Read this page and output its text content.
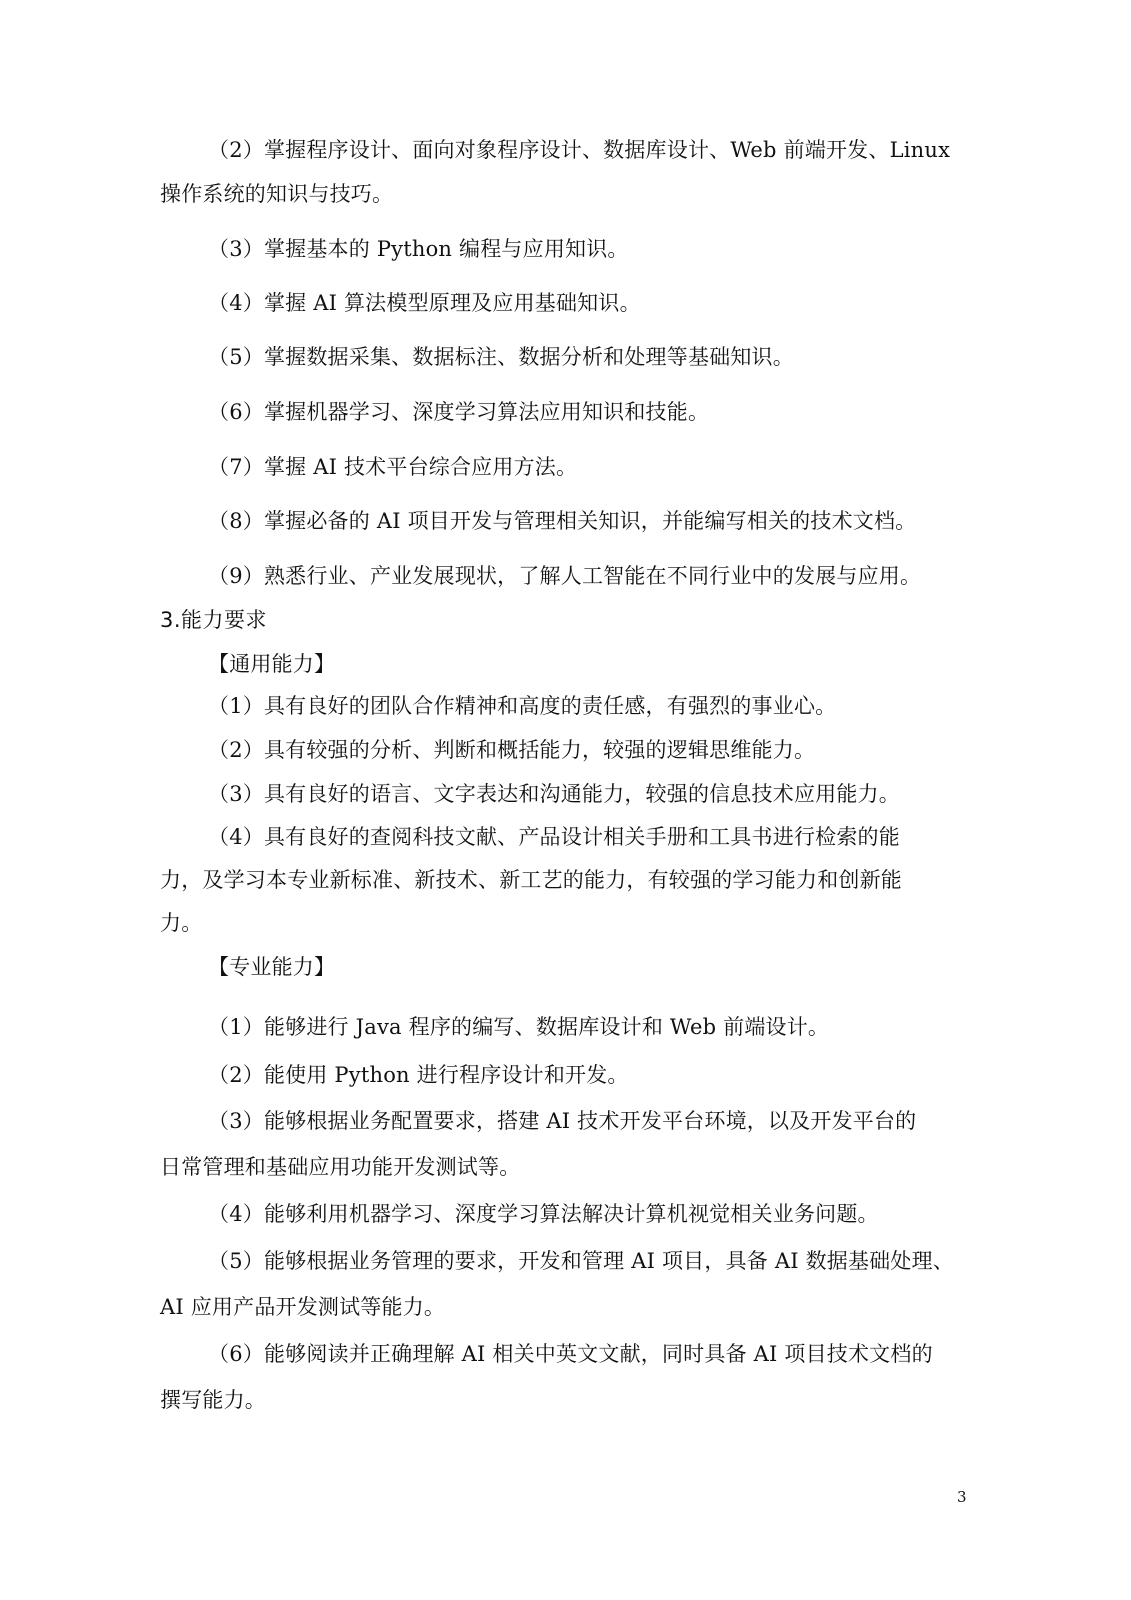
（2）掌握程序设计、面向对象程序设计、数据库设计、Web 前端开发、Linux
操作系统的知识与技巧。
（3）掌握基本的 Python 编程与应用知识。
（4）掌握 AI 算法模型原理及应用基础知识。
（5）掌握数据采集、数据标注、数据分析和处理等基础知识。
（6）掌握机器学习、深度学习算法应用知识和技能。
（7）掌握 AI 技术平台综合应用方法。
（8）掌握必备的 AI 项目开发与管理相关知识，并能编写相关的技术文档。
（9）熟悉行业、产业发展现状，了解人工智能在不同行业中的发展与应用。
3.能力要求
【通用能力】
（1）具有良好的团队合作精神和高度的责任感，有强烈的事业心。
（2）具有较强的分析、判断和概括能力，较强的逻辑思维能力。
（3）具有良好的语言、文字表达和沟通能力，较强的信息技术应用能力。
（4）具有良好的查阅科技文献、产品设计相关手册和工具书进行检索的能
力，及学习本专业新标准、新技术、新工艺的能力，有较强的学习能力和创新能
力。
【专业能力】
（1）能够进行 Java 程序的编写、数据库设计和 Web 前端设计。
（2）能使用 Python 进行程序设计和开发。
（3）能够根据业务配置要求，搭建 AI 技术开发平台环境，以及开发平台的
日常管理和基础应用功能开发测试等。
（4）能够利用机器学习、深度学习算法解决计算机视觉相关业务问题。
（5）能够根据业务管理的要求，开发和管理 AI 项目，具备 AI 数据基础处理、
AI 应用产品开发测试等能力。
（6）能够阅读并正确理解 AI 相关中英文文献，同时具备 AI 项目技术文档的
撰写能力。
3
